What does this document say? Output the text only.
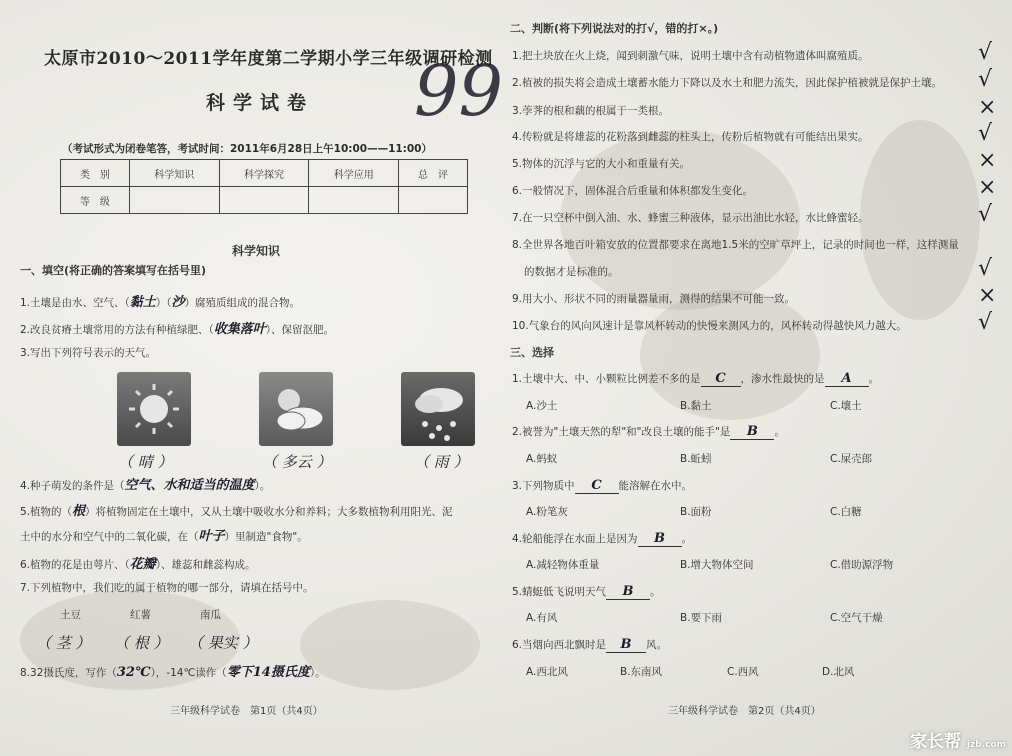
太原市2010～2011学年度第二学期小学三年级调研检测
科学试卷 99
（考试形式为闭卷笔答，考试时间：2011年6月28日上午10:00——11:00）
类　别	科学知识	科学探究	科学应用	总　评
等　级				
科学知识
一、填空(将正确的答案填写在括号里)
1.土壤是由水、空气、（黏土）（沙）腐殖质组成的混合物。
2.改良贫瘠土壤常用的方法有种植绿肥、（收集落叶）、保留沤肥。
3.写出下列符号表示的天气。
（ 晴 ）	（ 多云 ）	（ 雨 ）
4.种子萌发的条件是（空气、水和适当的温度）。
5.植物的（根）将植物固定在土壤中，又从土壤中吸收水分和养料；大多数植物利用阳光、泥
土中的水分和空气中的二氧化碳，在（叶子）里制造"食物"。
6.植物的花是由萼片、（花瓣）、雄蕊和雌蕊构成。
7.下列植物中，我们吃的属于植物的哪一部分，请填在括号中。
土豆	红薯	南瓜
（ 茎 ） （ 根 ） （ 果实 ）
8.32摄氏度，写作（32℃），-14℃读作（零下14摄氏度）。
三年级科学试卷　第1页（共4页）
二、判断(将下列说法对的打√，错的打×。)
1.把土块放在火上烧，闻到刺激气味，说明土壤中含有动植物遗体叫腐殖质。	√
2.植被的损失将会造成土壤蓄水能力下降以及水土和肥力流失，因此保护植被就是保护土壤。 √
3.荸荠的根和藕的根属于一类根。	×
4.传粉就是将雄蕊的花粉落到雌蕊的柱头上，传粉后植物就有可能结出果实。	√
5.物体的沉浮与它的大小和重量有关。	×
6.一般情况下，固体混合后重量和体积都发生变化。	×
7.在一只空杯中倒入油、水、蜂蜜三种液体，显示出油比水轻，水比蜂蜜轻。	√
8.全世界各地百叶箱安放的位置都要求在离地1.5米的空旷草坪上，记录的时间也一样，这样测量
的数据才是标准的。	√
9.用大小、形状不同的雨量器量雨，测得的结果不可能一致。	×
10.气象台的风向风速计是靠风杯转动的快慢来测风力的，风杯转动得越快风力越大。	√
三、选择
1.土壤中大、中、小颗粒比例差不多的是 C ，渗水性最快的是 A 。
A.沙土	B.黏土	C.壤土
2.被誉为"土壤天然的犁"和"改良土壤的能手"是 B 。
A.蚂蚁	B.蚯蚓	C.屎壳郎
3.下列物质中 C 能溶解在水中。
A.粉笔灰	B.面粉	C.白糖
4.轮船能浮在水面上是因为 B 。
A.减轻物体重量	B.增大物体空间	C.借助源浮物
5.蜻蜓低飞说明天气 B 。
A.有风	B.要下雨	C.空气干燥
6.当烟向西北飘时是 B 风。
A.西北风	B.东南风	C.西风	D.北风
三年级科学试卷　第2页（共4页）
家长帮 jzb.com
